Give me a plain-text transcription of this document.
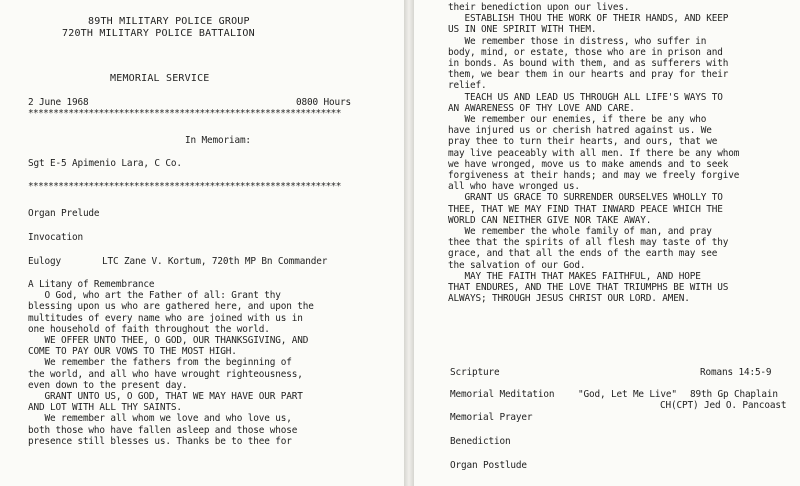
89TH MILITARY POLICE GROUP
720TH MILITARY POLICE BATTALION
MEMORIAL SERVICE
2 June 1968	0800 Hours
**************************************************************
In Memoriam:
Sgt E-5 Apimenio Lara, C Co.
**************************************************************
Organ Prelude
Invocation
Eulogy	LTC Zane V. Kortum, 720th MP Bn Commander
A Litany of Remembrance
O God, who art the Father of all: Grant thy
blessing upon us who are gathered here, and upon the
multitudes of every name who are joined with us in
one household of faith throughout the world.
WE OFFER UNTO THEE, O GOD, OUR THANKSGIVING, AND
COME TO PAY OUR VOWS TO THE MOST HIGH.
We remember the fathers from the beginning of
the world, and all who have wrought righteousness,
even down to the present day.
GRANT UNTO US, O GOD, THAT WE MAY HAVE OUR PART
AND LOT WITH ALL THY SAINTS.
We remember all whom we love and who love us,
both those who have fallen asleep and those whose
presence still blesses us. Thanks be to thee for
their benediction upon our lives.
ESTABLISH THOU THE WORK OF THEIR HANDS, AND KEEP
US IN ONE SPIRIT WITH THEM.
We remember those in distress, who suffer in
body, mind, or estate, those who are in prison and
in bonds. As bound with them, and as sufferers with
them, we bear them in our hearts and pray for their
relief.
TEACH US AND LEAD US THROUGH ALL LIFE'S WAYS TO
AN AWARENESS OF THY LOVE AND CARE.
We remember our enemies, if there be any who
have injured us or cherish hatred against us. We
pray thee to turn their hearts, and ours, that we
may live peaceably with all men. If there be any whom
we have wronged, move us to make amends and to seek
forgiveness at their hands; and may we freely forgive
all who have wronged us.
GRANT US GRACE TO SURRENDER OURSELVES WHOLLY TO
THEE, THAT WE MAY FIND THAT INWARD PEACE WHICH THE
WORLD CAN NEITHER GIVE NOR TAKE AWAY.
We remember the whole family of man, and pray
thee that the spirits of all flesh may taste of thy
grace, and that all the ends of the earth may see
the salvation of our God.
MAY THE FAITH THAT MAKES FAITHFUL, AND HOPE
THAT ENDURES, AND THE LOVE THAT TRIUMPHS BE WITH US
ALWAYS; THROUGH JESUS CHRIST OUR LORD. AMEN.
Scripture	Romans 14:5-9
Memorial Meditation	"God, Let Me Live" 89th Gp Chaplain
CH(CPT) Jed O. Pancoast
Memorial Prayer
Benediction
Organ Postlude
